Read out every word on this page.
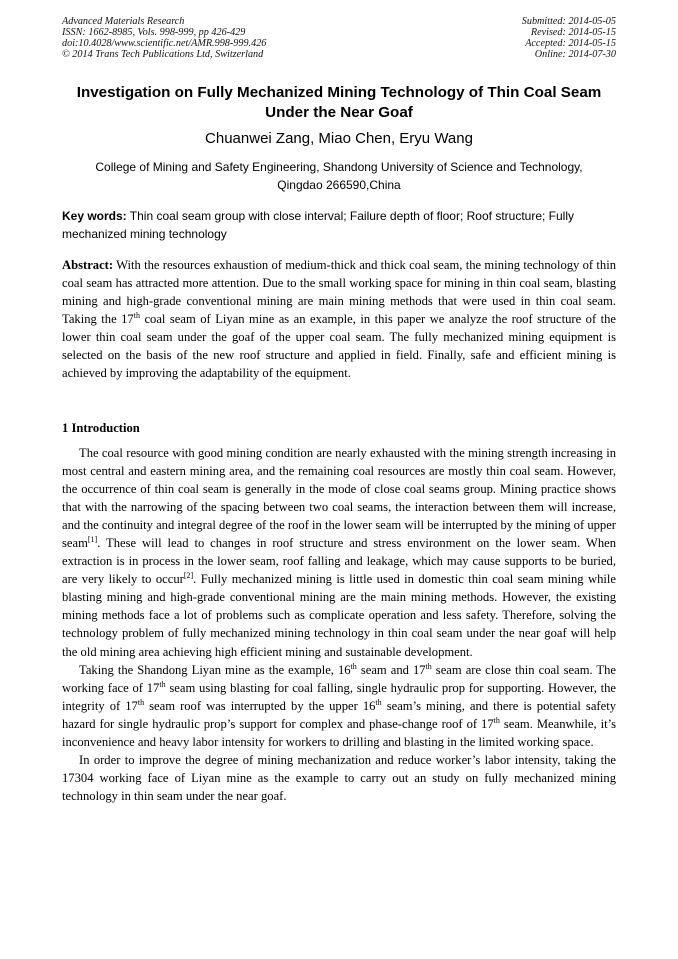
Advanced Materials Research
ISSN: 1662-8985, Vols. 998-999, pp 426-429
doi:10.4028/www.scientific.net/AMR.998-999.426
© 2014 Trans Tech Publications Ltd, Switzerland
Submitted: 2014-05-05
Revised: 2014-05-15
Accepted: 2014-05-15
Online: 2014-07-30
Investigation on Fully Mechanized Mining Technology of Thin Coal Seam
Under the Near Goaf
Chuanwei Zang, Miao Chen, Eryu Wang
College of Mining and Safety Engineering, Shandong University of Science and Technology,
Qingdao 266590,China
Key words: Thin coal seam group with close interval; Failure depth of floor; Roof structure; Fully mechanized mining technology
Abstract: With the resources exhaustion of medium-thick and thick coal seam, the mining technology of thin coal seam has attracted more attention. Due to the small working space for mining in thin coal seam, blasting mining and high-grade conventional mining are main mining methods that were used in thin coal seam. Taking the 17th coal seam of Liyan mine as an example, in this paper we analyze the roof structure of the lower thin coal seam under the goaf of the upper coal seam. The fully mechanized mining equipment is selected on the basis of the new roof structure and applied in field. Finally, safe and efficient mining is achieved by improving the adaptability of the equipment.
1 Introduction

The coal resource with good mining condition are nearly exhausted with the mining strength increasing in most central and eastern mining area, and the remaining coal resources are mostly thin coal seam. However, the occurrence of thin coal seam is generally in the mode of close coal seams group. Mining practice shows that with the narrowing of the spacing between two coal seams, the interaction between them will increase, and the continuity and integral degree of the roof in the lower seam will be interrupted by the mining of upper seam[1]. These will lead to changes in roof structure and stress environment on the lower seam. When extraction is in process in the lower seam, roof falling and leakage, which may cause supports to be buried, are very likely to occur[2]. Fully mechanized mining is little used in domestic thin coal seam mining while blasting mining and high-grade conventional mining are the main mining methods. However, the existing mining methods face a lot of problems such as complicate operation and less safety. Therefore, solving the technology problem of fully mechanized mining technology in thin coal seam under the near goaf will help the old mining area achieving high efficient mining and sustainable development.

Taking the Shandong Liyan mine as the example, 16th seam and 17th seam are close thin coal seam. The working face of 17th seam using blasting for coal falling, single hydraulic prop for supporting. However, the integrity of 17th seam roof was interrupted by the upper 16th seam’s mining, and there is potential safety hazard for single hydraulic prop’s support for complex and phase-change roof of 17th seam. Meanwhile, it’s inconvenience and heavy labor intensity for workers to drilling and blasting in the limited working space.

In order to improve the degree of mining mechanization and reduce worker’s labor intensity, taking the 17304 working face of Liyan mine as the example to carry out an study on fully mechanized mining technology in thin seam under the near goaf.
